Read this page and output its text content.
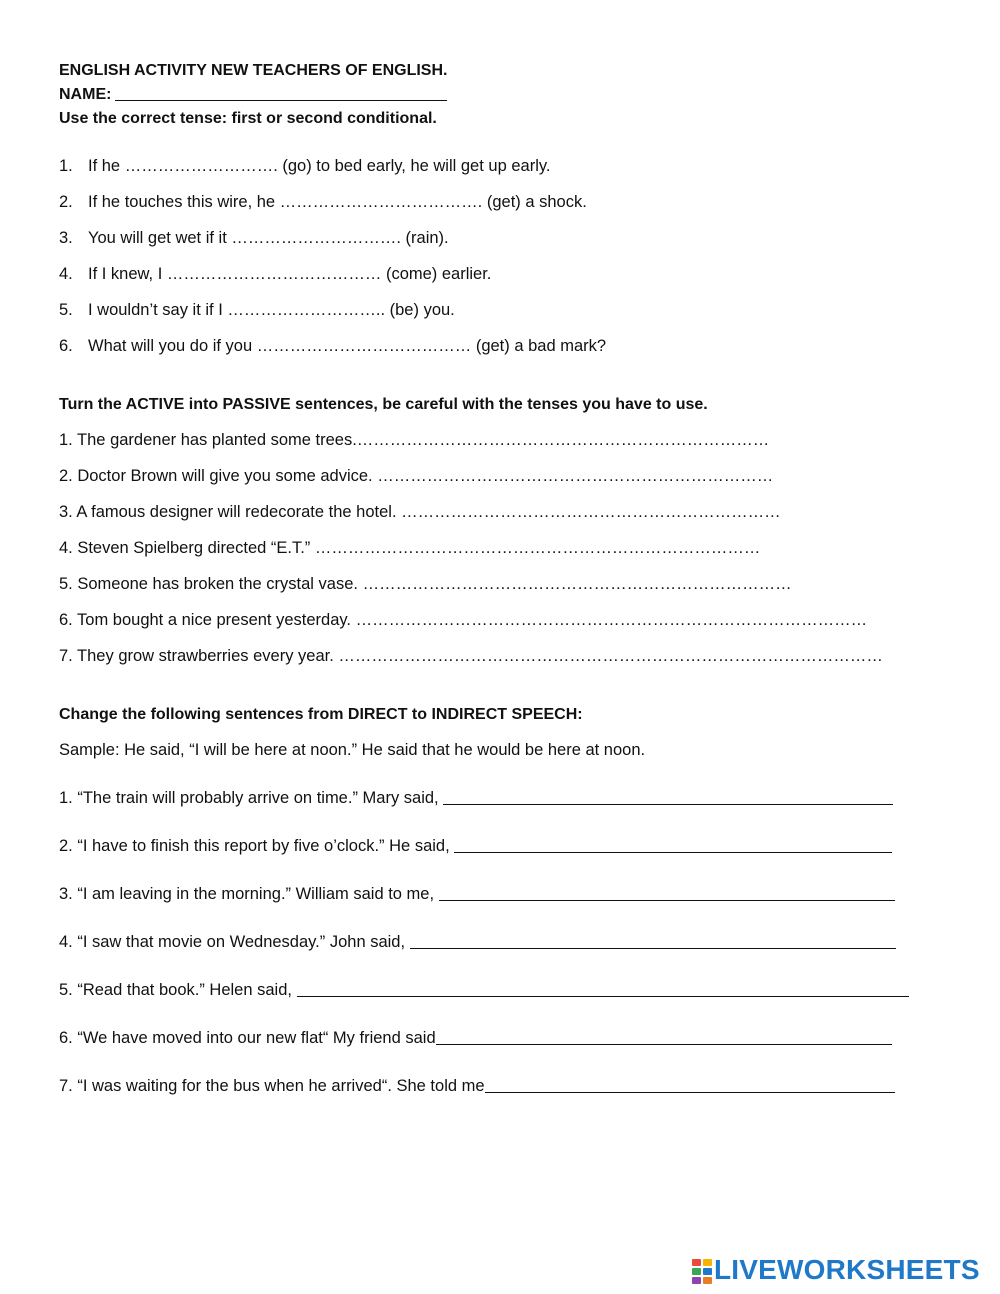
ENGLISH ACTIVITY NEW TEACHERS OF ENGLISH.
NAME:
Use the correct tense: first or second conditional.
1. If he ………………………. (go) to bed early, he will get up early.
2. If he touches this wire, he ………………………………. (get) a shock.
3. You will get wet if it …………………………. (rain).
4. If I knew, I ………………………………… (come) earlier.
5. I wouldn’t say it if I ……………………….. (be) you.
6. What will you do if you ………………………………… (get) a bad mark?
Turn the ACTIVE into PASSIVE sentences, be careful with the tenses you have to use.
1. The gardener has planted some trees.…………………………………………………………………
2. Doctor Brown will give you some advice. ………………………………………………………………
3. A famous designer will redecorate the hotel. ……………………………………………………………
4. Steven Spielberg directed “E.T.” ………………………………………………………………………
5. Someone has broken the crystal vase. ……………………………………………………………………
6. Tom bought a nice present yesterday. …………………………………………………………………………………
7. They grow strawberries every year. ………………………………………………………………………………………
Change the following sentences from DIRECT to INDIRECT SPEECH:
Sample: He said, “I will be here at noon.” He said that he would be here at noon.
1. “The train will probably arrive on time.” Mary said,
2. “I have to finish this report by five o’clock.” He said,
3. “I am leaving in the morning.” William said to me,
4. “I saw that movie on Wednesday.” John said,
5. “Read that book.” Helen said,
6. “We have moved into our new flat“ My friend said
7. “I was waiting for the bus when he arrived“. She told me
LIVEWORKSHEETS
